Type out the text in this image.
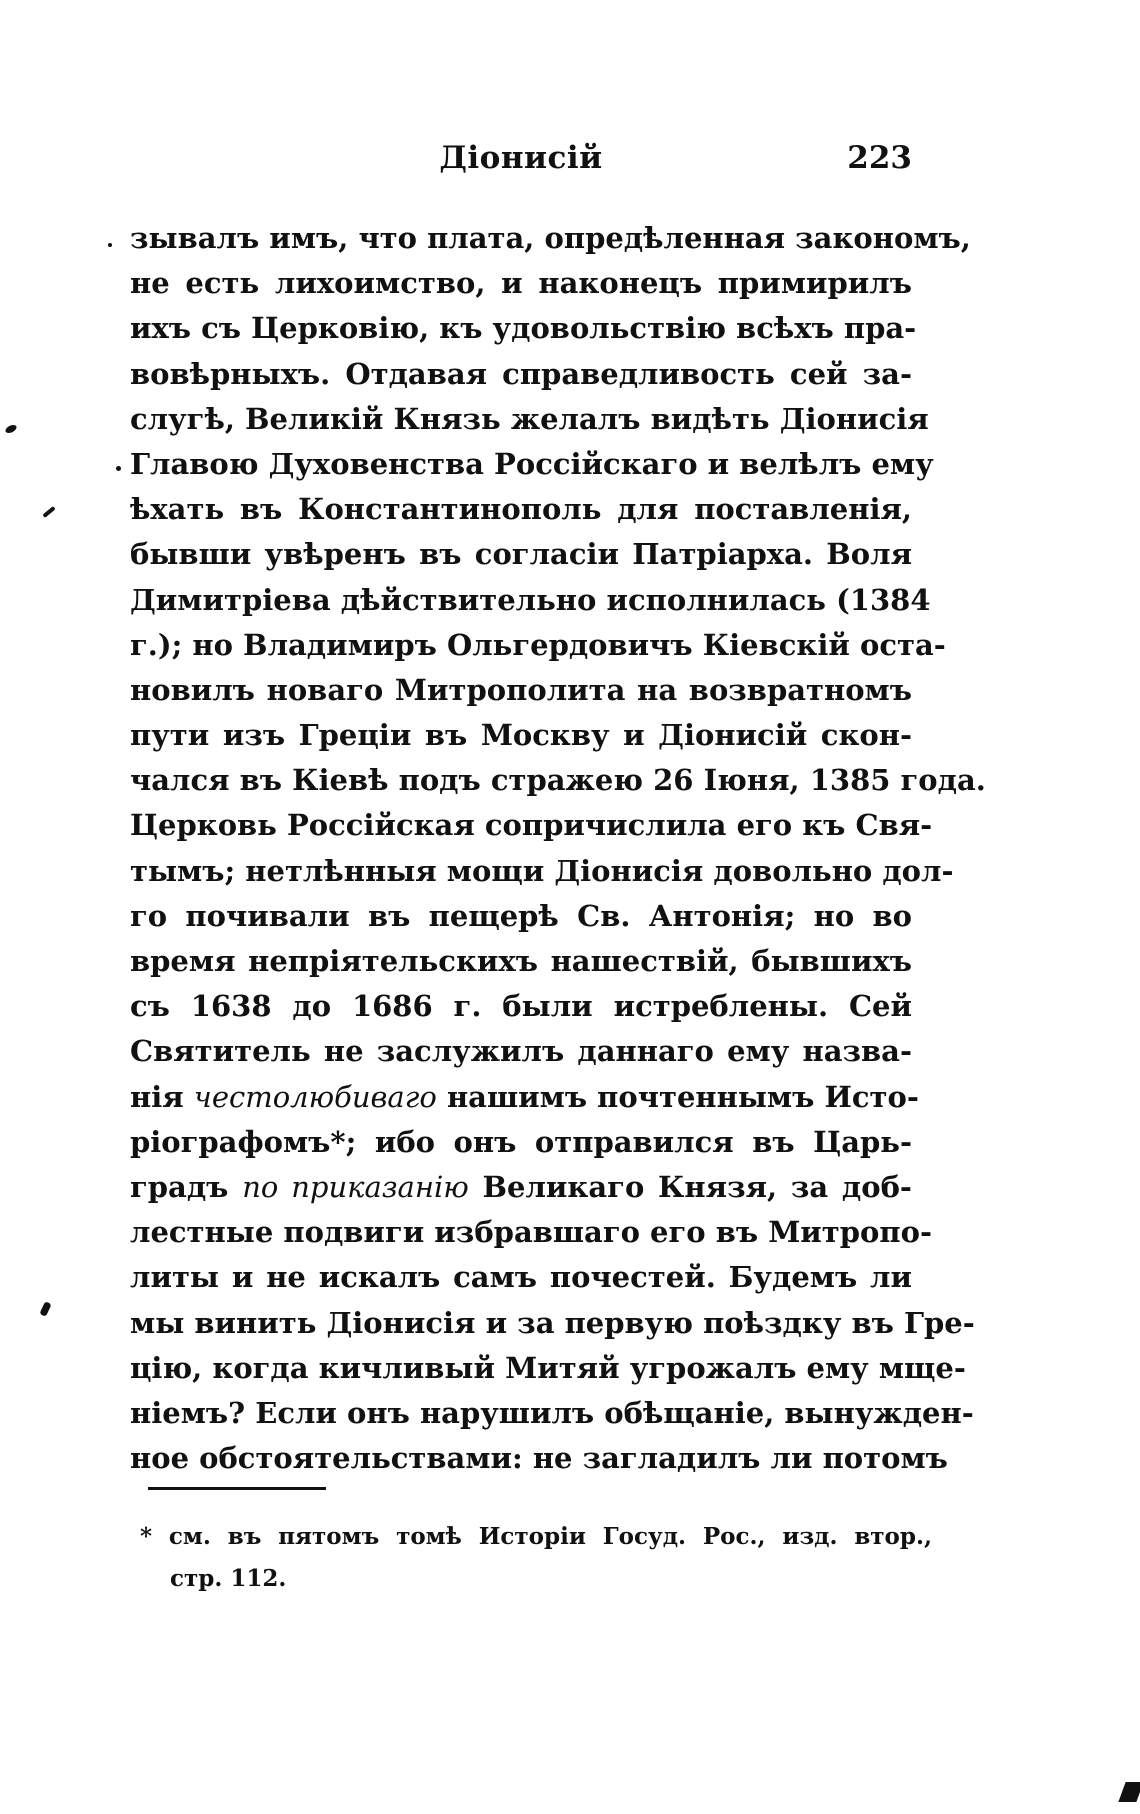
Діонисій	223
зывалъ имъ, что плата, опредѣленная закономъ,
не есть лихоимство, и наконецъ примирилъ
ихъ съ Церковію, къ удовольствію всѣхъ пра-
вовѣрныхъ. Отдавая справедливость сей за-
слугѣ, Великій Князь желалъ видѣть Діонисія
Главою Духовенства Россійскаго и велѣлъ ему
ѣхать въ Константинополь для поставленія,
бывши увѣренъ въ согласіи Патріарха. Воля
Димитріева дѣйствительно исполнилась (1384
г.); но Владимиръ Ольгердовичъ Кіевскій оста-
новилъ новаго Митрополита на возвратномъ
пути изъ Греціи въ Москву и Діонисій скон-
чался въ Кіевѣ подъ стражею 26 Іюня, 1385 года.
Церковь Россійская сопричислила его къ Свя-
тымъ; нетлѣнныя мощи Діонисія довольно дол-
го почивали въ пещерѣ Св. Антонія; но во
время непріятельскихъ нашествій, бывшихъ
съ 1638 до 1686 г. были истреблены. Сей
Святитель не заслужилъ даннаго ему назва-
нія честолюбиваго нашимъ почтеннымъ Исто-
ріографомъ*; ибо онъ отправился въ Царь-
градъ по приказанію Великаго Князя, за доб-
лестные подвиги избравшаго его въ Митропо-
литы и не искалъ самъ почестей. Будемъ ли
мы винить Діонисія и за первую поѣздку въ Гре-
цію, когда кичливый Митяй угрожалъ ему мще-
ніемъ? Если онъ нарушилъ обѣщаніе, вынужден-
ное обстоятельствами: не загладилъ ли потомъ
* см. въ пятомъ томѣ Исторіи Госуд. Рос., изд. втор.,
стр. 112.
